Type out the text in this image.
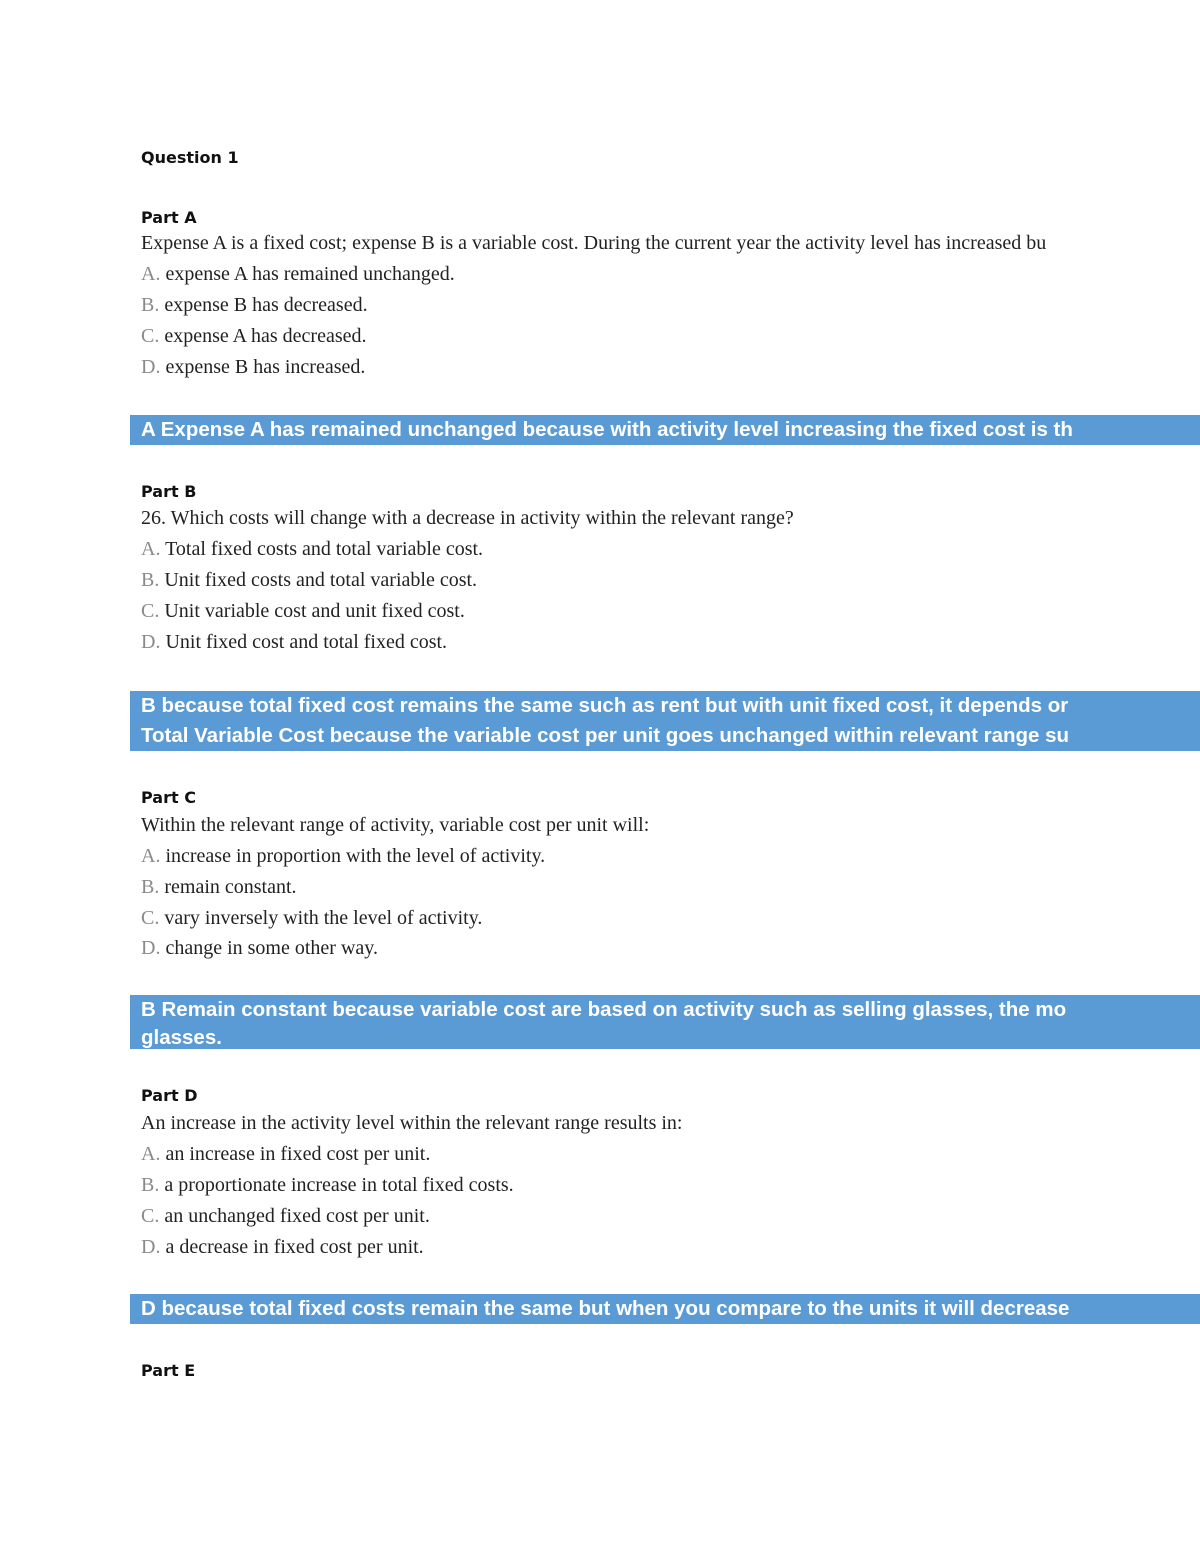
Question 1
Part A
Expense A is a fixed cost; expense B is a variable cost. During the current year the activity level has increased bu
A. expense A has remained unchanged.
B. expense B has decreased.
C. expense A has decreased.
D. expense B has increased.
A Expense A has remained unchanged because with activity level increasing the fixed cost is th
Part B
26. Which costs will change with a decrease in activity within the relevant range?
A. Total fixed costs and total variable cost.
B. Unit fixed costs and total variable cost.
C. Unit variable cost and unit fixed cost.
D. Unit fixed cost and total fixed cost.
B because total fixed cost remains the same such as rent but with unit fixed cost, it depends or
Total Variable Cost because the variable cost per unit goes unchanged within relevant range su
Part C
Within the relevant range of activity, variable cost per unit will:
A. increase in proportion with the level of activity.
B. remain constant.
C. vary inversely with the level of activity.
D. change in some other way.
B Remain constant because variable cost are based on activity such as selling glasses, the mo
glasses.
Part D
An increase in the activity level within the relevant range results in:
A. an increase in fixed cost per unit.
B. a proportionate increase in total fixed costs.
C. an unchanged fixed cost per unit.
D. a decrease in fixed cost per unit.
D because total fixed costs remain the same but when you compare to the units it will decrease
Part E
